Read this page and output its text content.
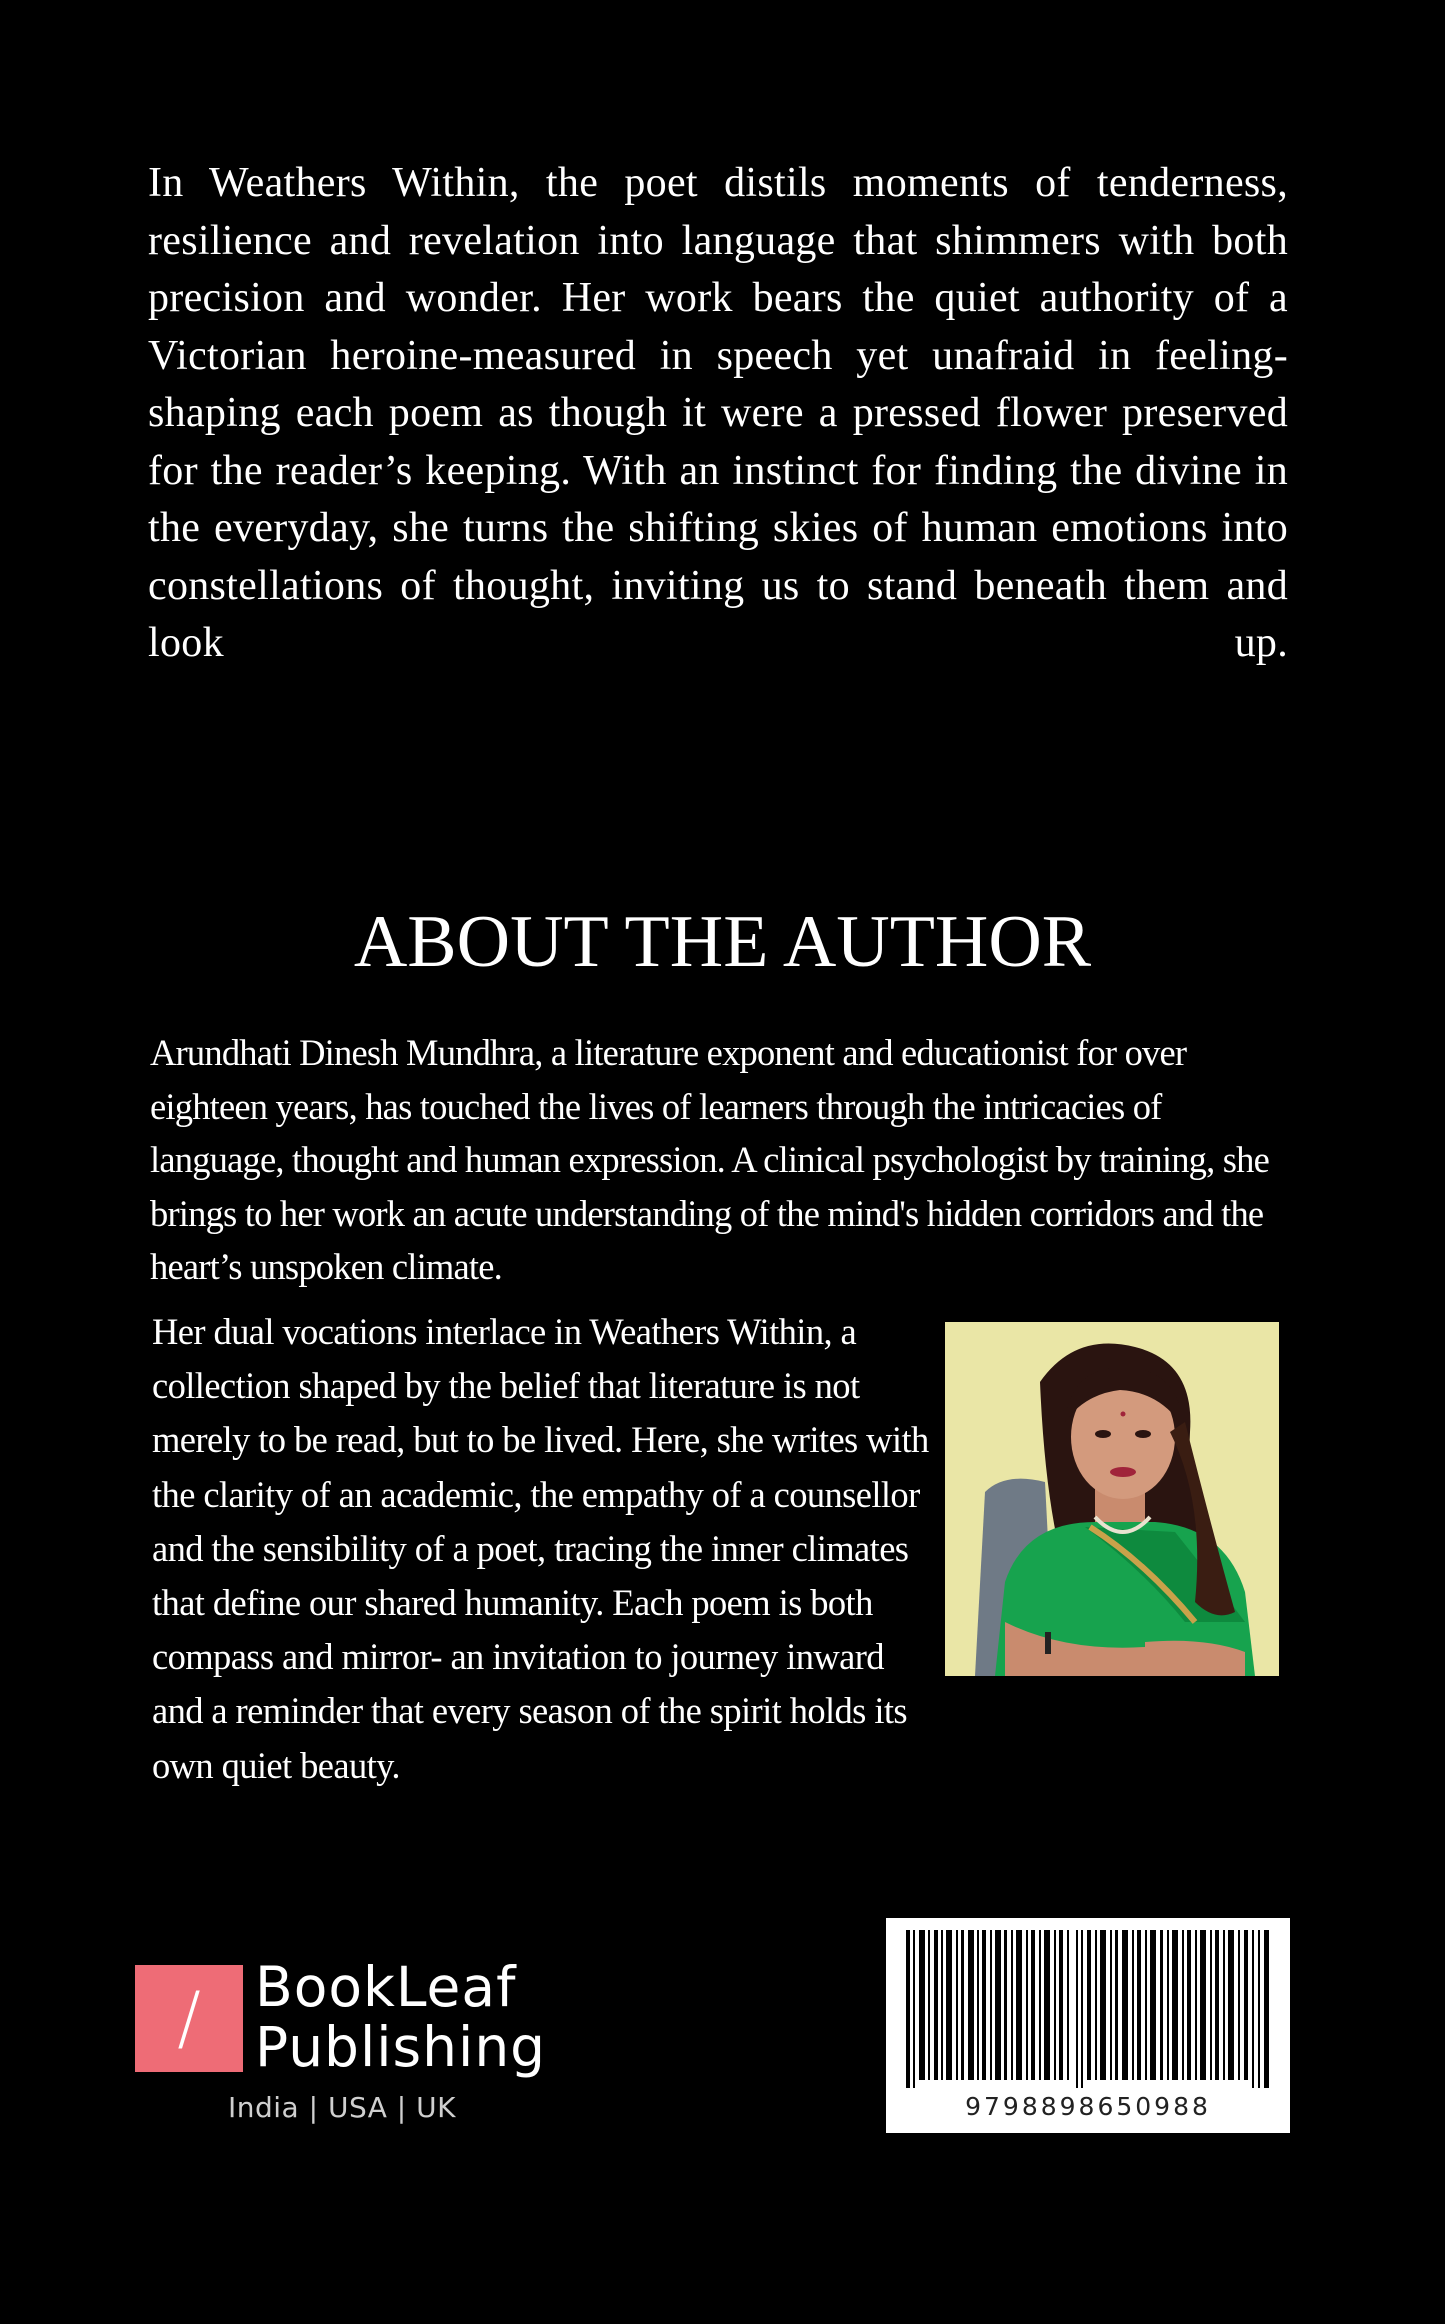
In Weathers Within, the poet distils moments of tenderness, resilience and revelation into language that shimmers with both precision and wonder. Her work bears the quiet authority of a Victorian heroine-measured in speech yet unafraid in feeling- shaping each poem as though it were a pressed flower preserved for the reader’s keeping. With an instinct for finding the divine in the everyday, she turns the shifting skies of human emotions into constellations of thought, inviting us to stand beneath them and look up.

ABOUT THE AUTHOR

Arundhati Dinesh Mundhra, a literature exponent and educationist for over eighteen years, has touched the lives of learners through the intricacies of language, thought and human expression. A clinical psychologist by training, she brings to her work an acute understanding of the mind's hidden corridors and the heart’s unspoken climate.

Her dual vocations interlace in Weathers Within, a collection shaped by the belief that literature is not merely to be read, but to be lived. Here, she writes with the clarity of an academic, the empathy of a counsellor and the sensibility of a poet, tracing the inner climates that define our shared humanity. Each poem is both compass and mirror- an invitation to journey inward and a reminder that every season of the spirit holds its own quiet beauty.

/ BookLeaf
Publishing
India | USA | UK	9798898650988
